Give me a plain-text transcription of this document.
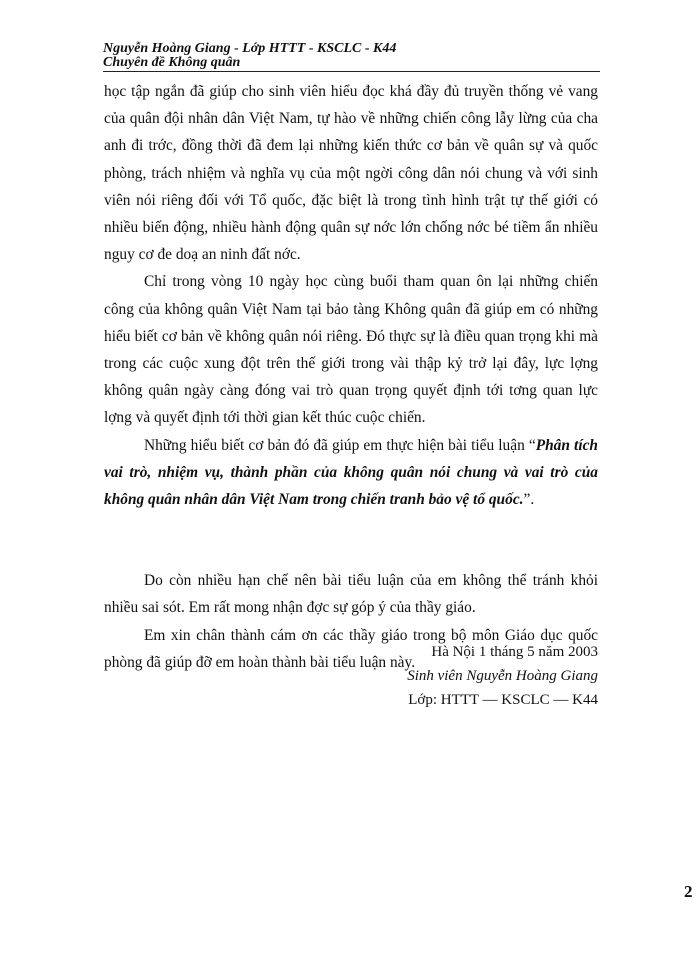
Nguyễn Hoàng Giang - Lớp HTTT - KSCLC - K44
Chuyên đề Không quân

học tập ngắn đã giúp cho sinh viên hiểu đọc khá đầy đủ truyền thống vẻ vang của quân đội nhân dân Việt Nam, tự hào về những chiến công lẫy lừng của cha anh đi trớc, đồng thời đã đem lại những kiến thức cơ bản về quân sự và quốc phòng, trách nhiệm và nghĩa vụ của một ngời công dân nói chung và với sinh viên nói riêng đối với Tổ quốc, đặc biệt là trong tình hình trật tự thế giới có nhiều biến động, nhiều hành động quân sự nớc lớn chống nớc bé tiềm ẩn nhiều nguy cơ đe doạ an ninh đất nớc.

Chỉ trong vòng 10 ngày học cùng buổi tham quan ôn lại những chiến công của không quân Việt Nam tại bảo tàng Không quân đã giúp em có những hiểu biết cơ bản về không quân nói riêng. Đó thực sự là điều quan trọng khi mà trong các cuộc xung đột trên thế giới trong vài thập kỷ trở lại đây, lực lợng không quân ngày càng đóng vai trò quan trọng quyết định tới tơng quan lực lợng và quyết định tới thời gian kết thúc cuộc chiến.

Những hiểu biết cơ bản đó đã giúp em thực hiện bài tiểu luận “Phân tích vai trò, nhiệm vụ, thành phần của không quân nói chung và vai trò của không quân nhân dân Việt Nam trong chiến tranh bảo vệ tổ quốc.”.

Do còn nhiều hạn chế nên bài tiểu luận của em không thể tránh khỏi nhiều sai sót. Em rất mong nhận đợc sự góp ý của thầy giáo.

Em xin chân thành cám ơn các thầy giáo trong bộ môn Giáo dục quốc phòng đã giúp đỡ em hoàn thành bài tiểu luận này.

Hà Nội 1 tháng 5 năm 2003
Sinh viên Nguyễn Hoàng Giang
Lớp: HTTT — KSCLC — K44
2
